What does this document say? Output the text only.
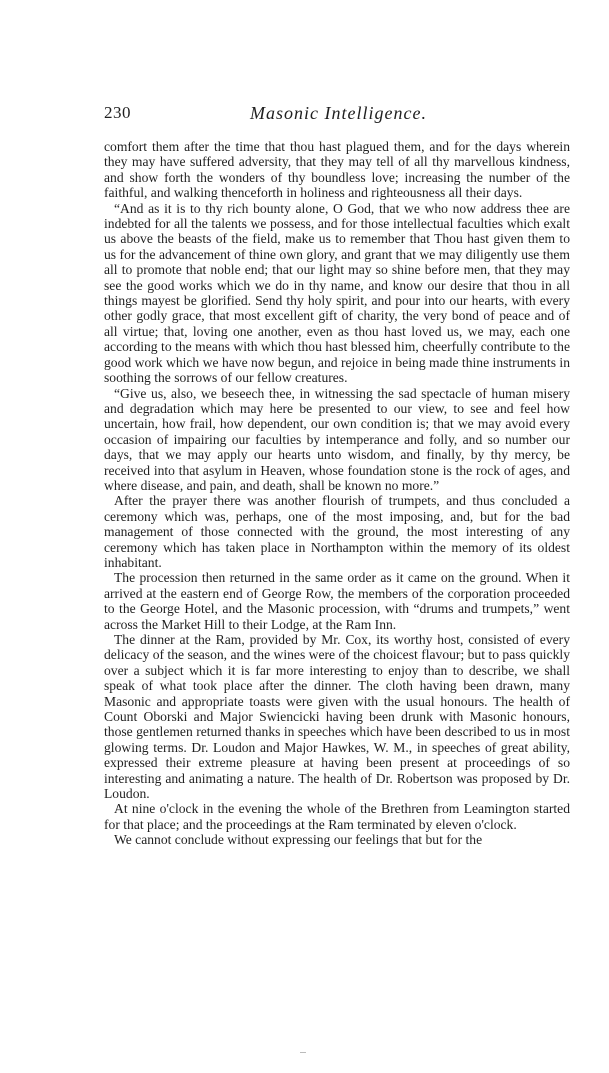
230	Masonic Intelligence.

comfort them after the time that thou hast plagued them, and for the days wherein they may have suffered adversity, that they may tell of all thy marvellous kindness, and show forth the wonders of thy boundless love; increasing the number of the faithful, and walking thenceforth in holiness and righteousness all their days.

“And as it is to thy rich bounty alone, O God, that we who now address thee are indebted for all the talents we possess, and for those intellectual faculties which exalt us above the beasts of the field, make us to remember that Thou hast given them to us for the advancement of thine own glory, and grant that we may diligently use them all to promote that noble end; that our light may so shine before men, that they may see the good works which we do in thy name, and know our desire that thou in all things mayest be glorified. Send thy holy spirit, and pour into our hearts, with every other godly grace, that most excellent gift of charity, the very bond of peace and of all virtue; that, loving one another, even as thou hast loved us, we may, each one according to the means with which thou hast blessed him, cheerfully contribute to the good work which we have now begun, and rejoice in being made thine instruments in soothing the sorrows of our fellow creatures.

“Give us, also, we beseech thee, in witnessing the sad spectacle of human misery and degradation which may here be presented to our view, to see and feel how uncertain, how frail, how dependent, our own condition is; that we may avoid every occasion of impairing our faculties by intemperance and folly, and so number our days, that we may apply our hearts unto wisdom, and finally, by thy mercy, be received into that asylum in Heaven, whose foundation stone is the rock of ages, and where disease, and pain, and death, shall be known no more.”

After the prayer there was another flourish of trumpets, and thus concluded a ceremony which was, perhaps, one of the most imposing, and, but for the bad management of those connected with the ground, the most interesting of any ceremony which has taken place in Northampton within the memory of its oldest inhabitant.

The procession then returned in the same order as it came on the ground. When it arrived at the eastern end of George Row, the members of the corporation proceeded to the George Hotel, and the Masonic procession, with “drums and trumpets,” went across the Market Hill to their Lodge, at the Ram Inn.

The dinner at the Ram, provided by Mr. Cox, its worthy host, consisted of every delicacy of the season, and the wines were of the choicest flavour; but to pass quickly over a subject which it is far more interesting to enjoy than to describe, we shall speak of what took place after the dinner. The cloth having been drawn, many Masonic and appropriate toasts were given with the usual honours. The health of Count Oborski and Major Swiencicki having been drunk with Masonic honours, those gentlemen returned thanks in speeches which have been described to us in most glowing terms. Dr. Loudon and Major Hawkes, W. M., in speeches of great ability, expressed their extreme pleasure at having been present at proceedings of so interesting and animating a nature. The health of Dr. Robertson was proposed by Dr. Loudon.

At nine o'clock in the evening the whole of the Brethren from Leamington started for that place; and the proceedings at the Ram terminated by eleven o'clock.

We cannot conclude without expressing our feelings that but for the
